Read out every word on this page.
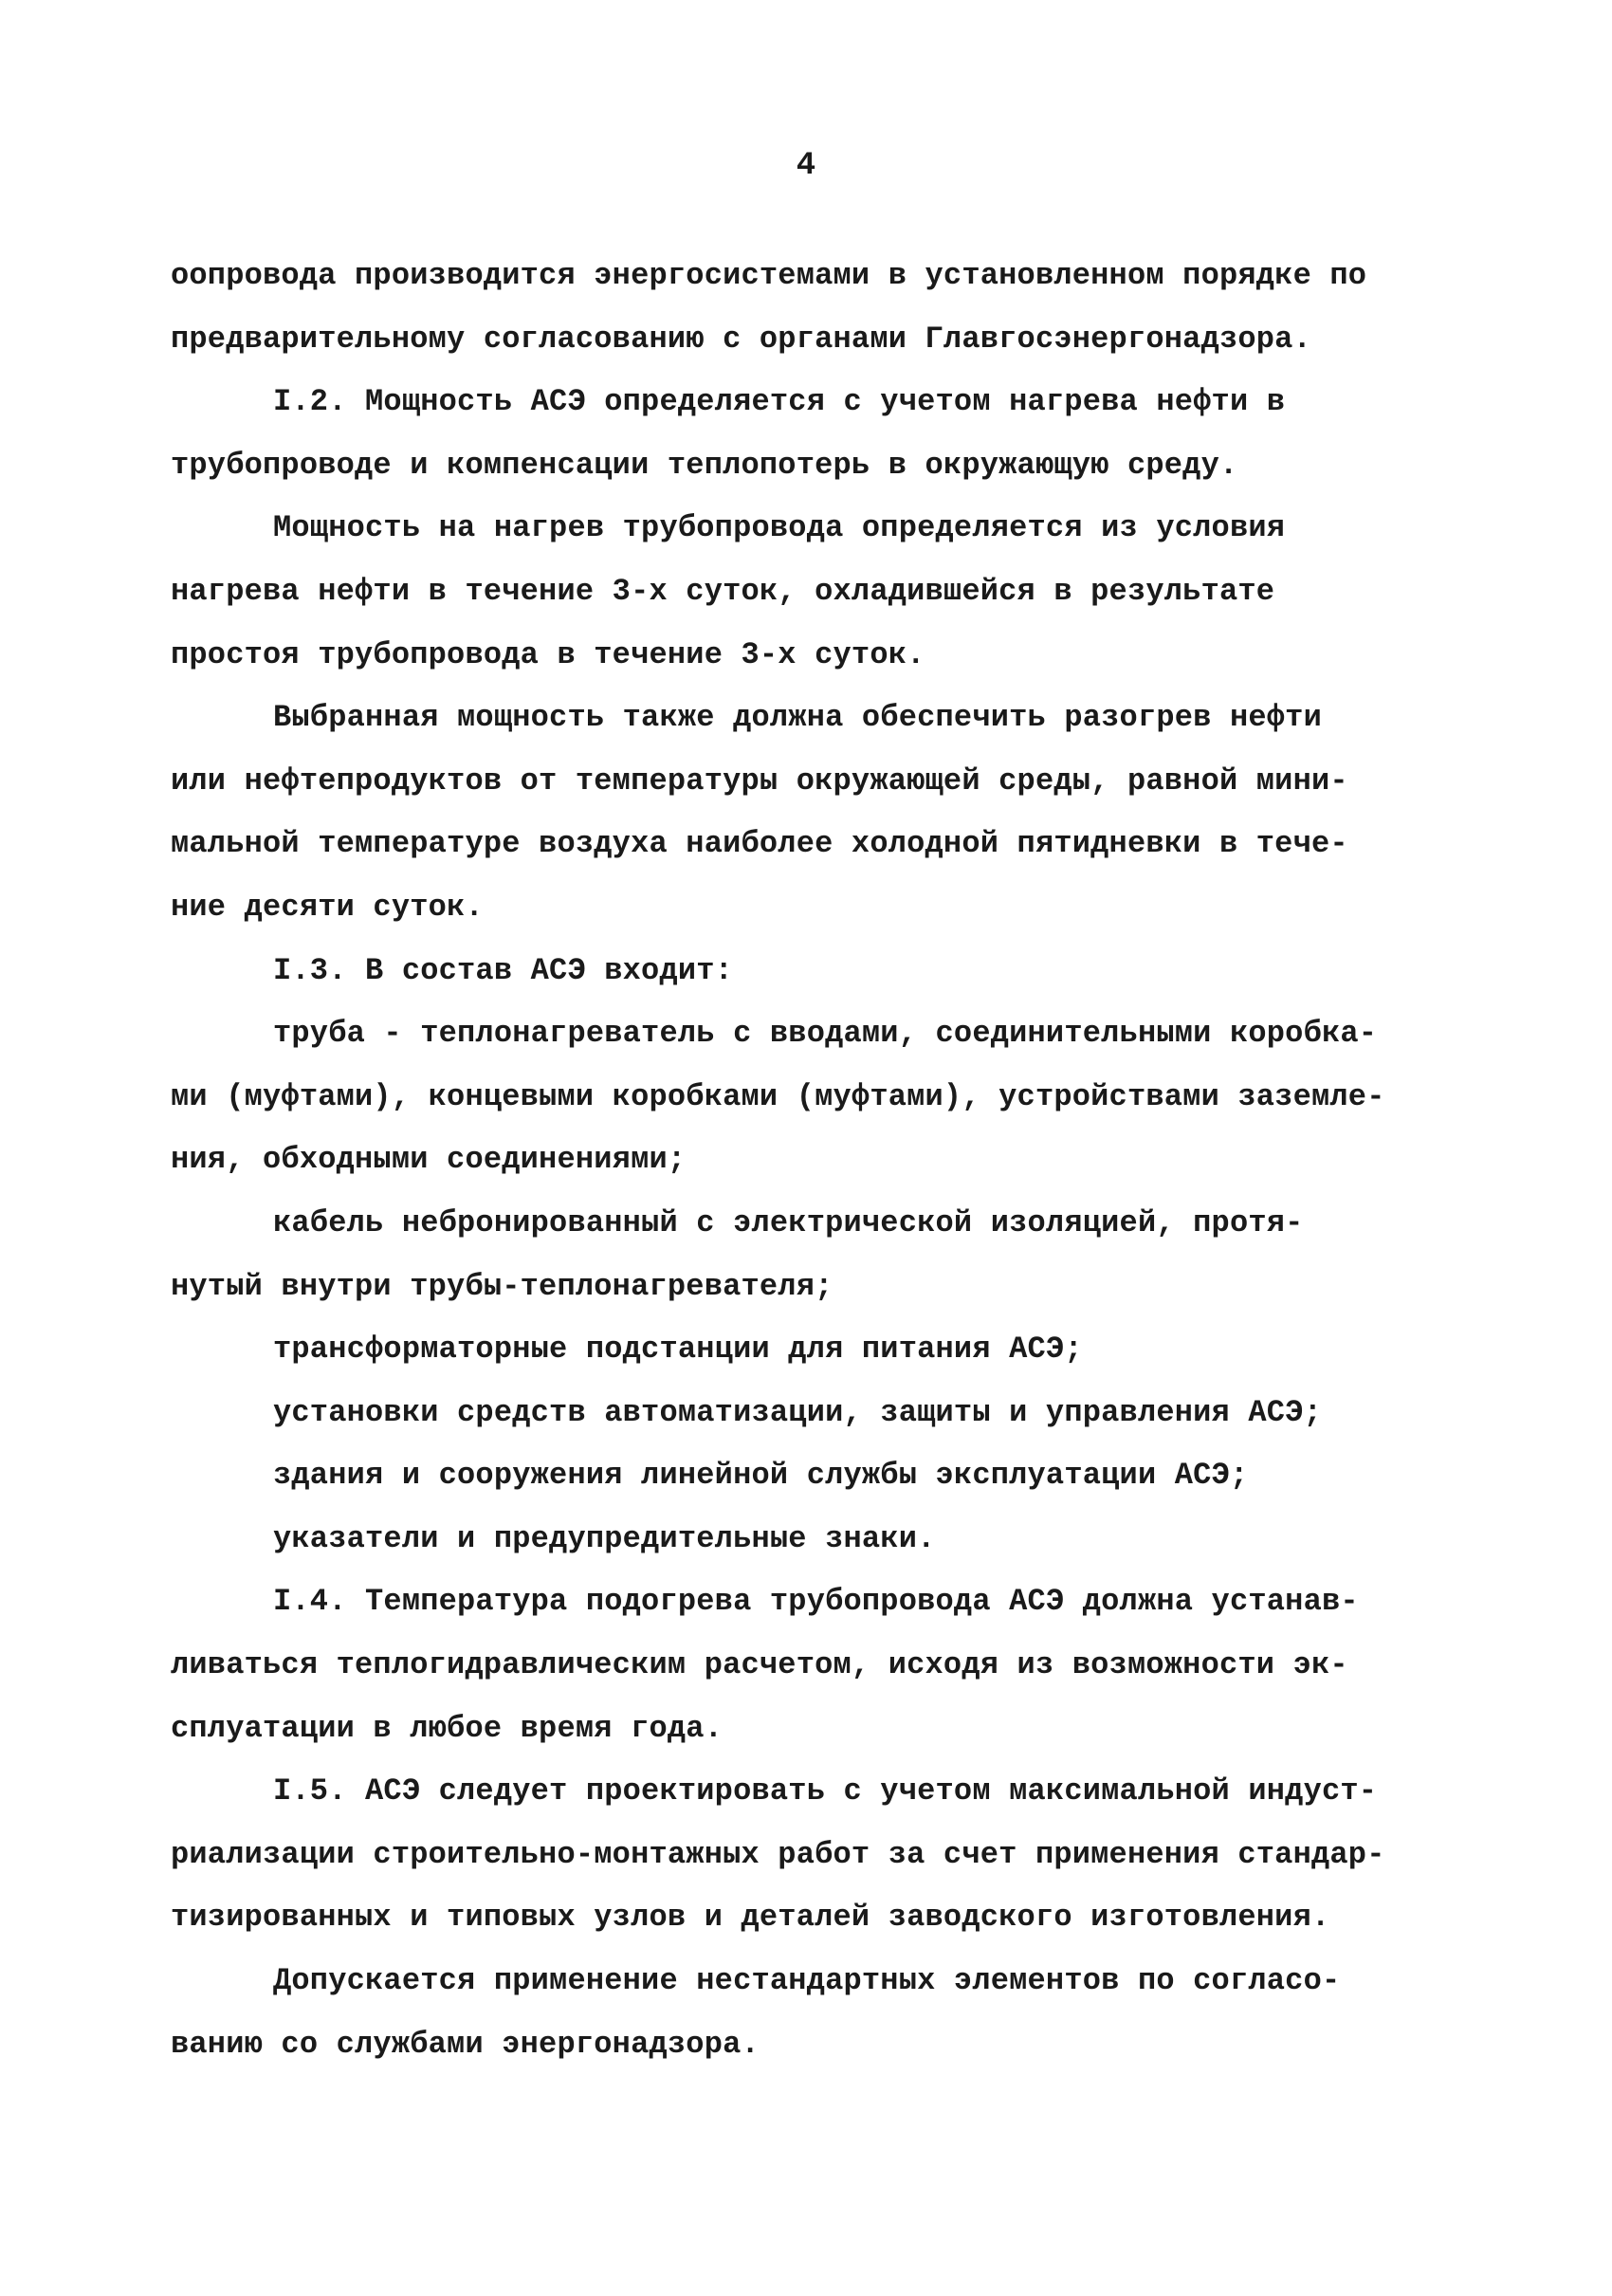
4
оопровода производится энергосистемами в установленном порядке по
предварительному согласованию с органами Главгосэнергонадзора.
I.2. Мощность АСЭ определяется с учетом нагрева нефти в
трубопроводе и компенсации теплопотерь в окружающую среду.
Мощность на нагрев трубопровода определяется из условия
нагрева нефти в течение 3-х суток, охладившейся в результате
простоя трубопровода в течение 3-х суток.
Выбранная мощность также должна обеспечить разогрев нефти
или нефтепродуктов от температуры окружающей среды, равной мини-
мальной температуре воздуха наиболее холодной пятидневки в тече-
ние десяти суток.
I.3. В состав АСЭ входит:
труба - теплонагреватель с вводами, соединительными коробка-
ми (муфтами), концевыми коробками (муфтами), устройствами заземле-
ния, обходными соединениями;
кабель небронированный с электрической изоляцией, протя-
нутый внутри трубы-теплонагревателя;
трансформаторные подстанции для питания АСЭ;
установки средств автоматизации, защиты и управления АСЭ;
здания и сооружения линейной службы эксплуатации АСЭ;
указатели и предупредительные знаки.
I.4. Температура подогрева трубопровода АСЭ должна устанав-
ливаться теплогидравлическим расчетом, исходя из возможности эк-
сплуатации в любое время года.
I.5. АСЭ следует проектировать с учетом максимальной индуст-
риализации строительно-монтажных работ за счет применения стандар-
тизированных и типовых узлов и деталей заводского изготовления.
Допускается применение нестандартных элементов по согласо-
ванию со службами энергонадзора.
